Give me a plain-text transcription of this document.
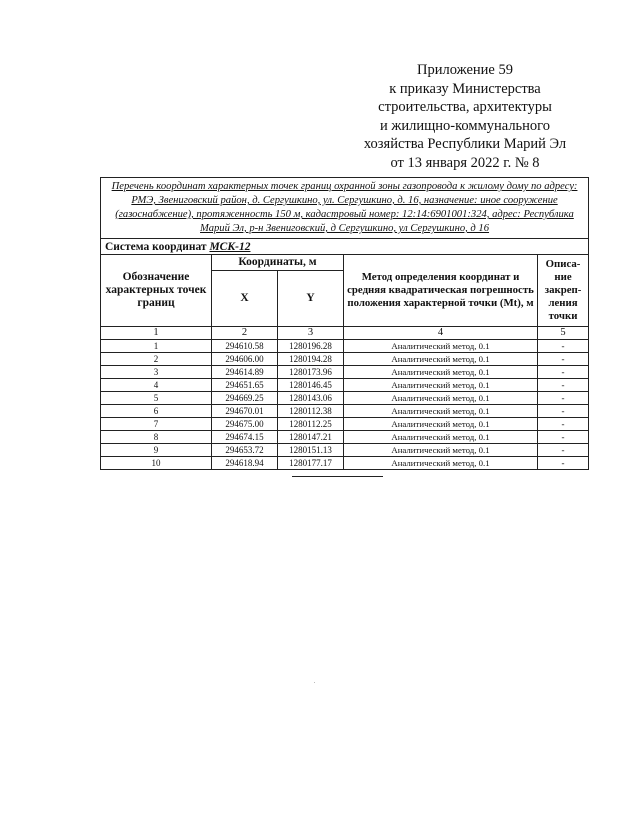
Приложение 59
к приказу Министерства
строительства, архитектуры
и жилищно-коммунального
хозяйства Республики Марий Эл
от 13 января 2022 г. № 8
Перечень координат характерных точек границ охранной зоны газопровода к жилому дому по адресу: РМЭ, Звениговский район, д. Сергушкино, ул. Сергушкино, д. 16, назначение: иное сооружение (газоснабжение), протяженность 150 м, кадастровый номер: 12:14:6901001:324, адрес: Республика Марий Эл, р-н Звениговский, д Сергушкино, ул Сергушкино, д 16				
Система координат МСК-12				
Обозначение характерных точек границ	Координаты, м		Метод определения координат и средняя квадратическая погрешность положения характерной точки (Mt), м	Описа-ние закреп-ления точки
	X	Y		
1	2	3	4	5
1	294610.58	1280196.28	Аналитический метод, 0.1	-
2	294606.00	1280194.28	Аналитический метод, 0.1	-
3	294614.89	1280173.96	Аналитический метод, 0.1	-
4	294651.65	1280146.45	Аналитический метод, 0.1	-
5	294669.25	1280143.06	Аналитический метод, 0.1	-
6	294670.01	1280112.38	Аналитический метод, 0.1	-
7	294675.00	1280112.25	Аналитический метод, 0.1	-
8	294674.15	1280147.21	Аналитический метод, 0.1	-
9	294653.72	1280151.13	Аналитический метод, 0.1	-
10	294618.94	1280177.17	Аналитический метод, 0.1	-
